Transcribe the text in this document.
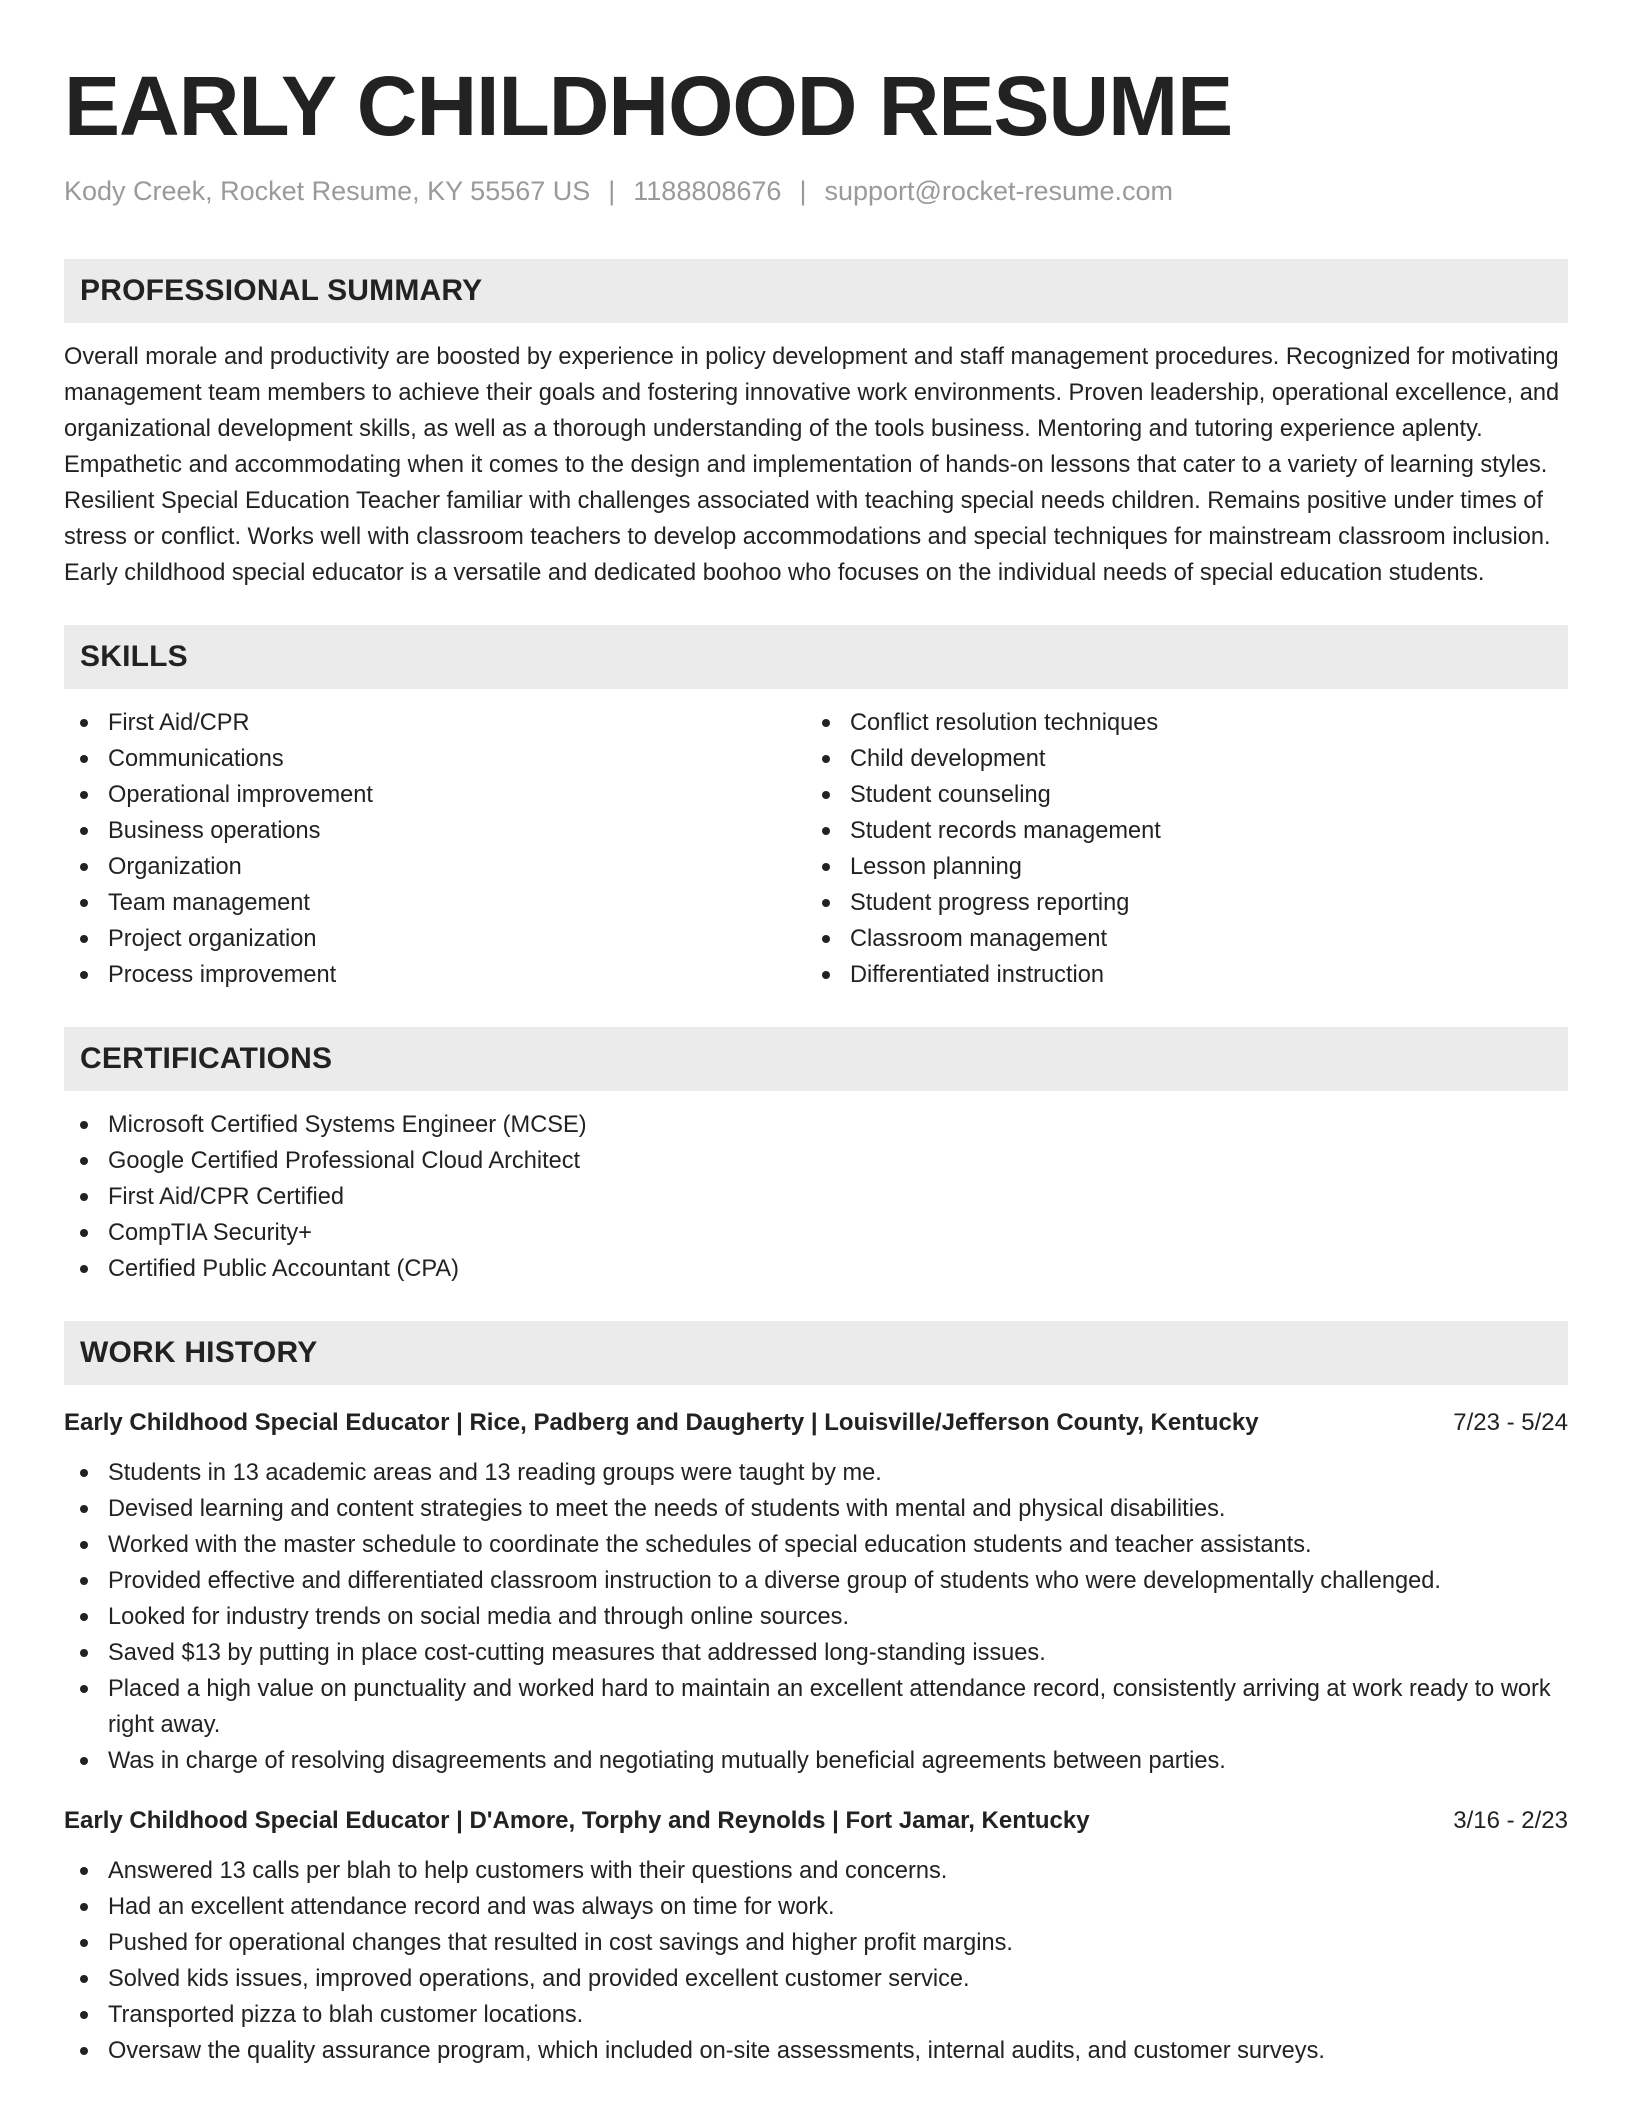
EARLY CHILDHOOD RESUME
Kody Creek, Rocket Resume, KY 55567 US | 1188808676 | support@rocket-resume.com
PROFESSIONAL SUMMARY

Overall morale and productivity are boosted by experience in policy development and staff management procedures. Recognized for motivating management team members to achieve their goals and fostering innovative work environments. Proven leadership, operational excellence, and organizational development skills, as well as a thorough understanding of the tools business. Mentoring and tutoring experience aplenty. Empathetic and accommodating when it comes to the design and implementation of hands-on lessons that cater to a variety of learning styles. Resilient Special Education Teacher familiar with challenges associated with teaching special needs children. Remains positive under times of stress or conflict. Works well with classroom teachers to develop accommodations and special techniques for mainstream classroom inclusion. Early childhood special educator is a versatile and dedicated boohoo who focuses on the individual needs of special education students.

SKILLS
First Aid/CPR
Communications
Operational improvement
Business operations
Organization
Team management
Project organization
Process improvement
Conflict resolution techniques
Child development
Student counseling
Student records management
Lesson planning
Student progress reporting
Classroom management
Differentiated instruction
CERTIFICATIONS
Microsoft Certified Systems Engineer (MCSE)
Google Certified Professional Cloud Architect
First Aid/CPR Certified
CompTIA Security+
Certified Public Accountant (CPA)
WORK HISTORY
Early Childhood Special Educator | Rice, Padberg and Daugherty | Louisville/Jefferson County, Kentucky	7/23 - 5/24
Students in 13 academic areas and 13 reading groups were taught by me.
Devised learning and content strategies to meet the needs of students with mental and physical disabilities.
Worked with the master schedule to coordinate the schedules of special education students and teacher assistants.
Provided effective and differentiated classroom instruction to a diverse group of students who were developmentally challenged.
Looked for industry trends on social media and through online sources.
Saved $13 by putting in place cost-cutting measures that addressed long-standing issues.
Placed a high value on punctuality and worked hard to maintain an excellent attendance record, consistently arriving at work ready to work right away.
Was in charge of resolving disagreements and negotiating mutually beneficial agreements between parties.
Early Childhood Special Educator | D'Amore, Torphy and Reynolds | Fort Jamar, Kentucky	3/16 - 2/23
Answered 13 calls per blah to help customers with their questions and concerns.
Had an excellent attendance record and was always on time for work.
Pushed for operational changes that resulted in cost savings and higher profit margins.
Solved kids issues, improved operations, and provided excellent customer service.
Transported pizza to blah customer locations.
Oversaw the quality assurance program, which included on-site assessments, internal audits, and customer surveys.
